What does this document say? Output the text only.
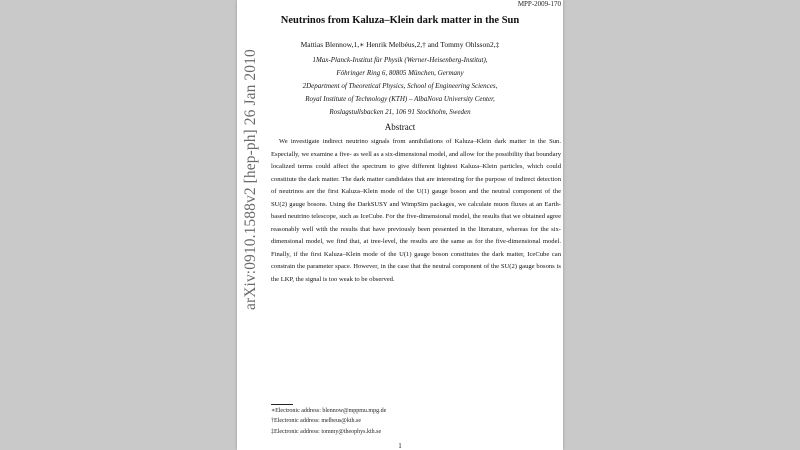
MPP-2009-170
Neutrinos from Kaluza–Klein dark matter in the Sun
Mattias Blennow,1,∗ Henrik Melbéus,2,† and Tommy Ohlsson2,‡
1Max-Planck-Institut für Physik (Werner-Heisenberg-Institut),
Föhringer Ring 6, 80805 München, Germany
2Department of Theoretical Physics, School of Engineering Sciences,
Royal Institute of Technology (KTH) – AlbaNova University Center,
Roslagstullsbacken 21, 106 91 Stockholm, Sweden
Abstract
We investigate indirect neutrino signals from annihilations of Kaluza–Klein dark matter in the Sun. Especially, we examine a five- as well as a six-dimensional model, and allow for the possibility that boundary localized terms could affect the spectrum to give different lightest Kaluza–Klein particles, which could constitute the dark matter. The dark matter candidates that are interesting for the purpose of indirect detection of neutrinos are the first Kaluza–Klein mode of the U(1) gauge boson and the neutral component of the SU(2) gauge bosons. Using the DarkSUSY and WimpSim packages, we calculate muon fluxes at an Earth-based neutrino telescope, such as IceCube. For the five-dimensional model, the results that we obtained agree reasonably well with the results that have previously been presented in the literature, whereas for the six-dimensional model, we find that, at tree-level, the results are the same as for the five-dimensional model. Finally, if the first Kaluza–Klein mode of the U(1) gauge boson constitutes the dark matter, IceCube can constrain the parameter space. However, in the case that the neutral component of the SU(2) gauge bosons is the LKP, the signal is too weak to be observed.
∗Electronic address: blennow@mppmu.mpg.de
†Electronic address: melbeus@kth.se
‡Electronic address: tommy@theophys.kth.se
1
arXiv:0910.1588v2 [hep-ph] 26 Jan 2010
